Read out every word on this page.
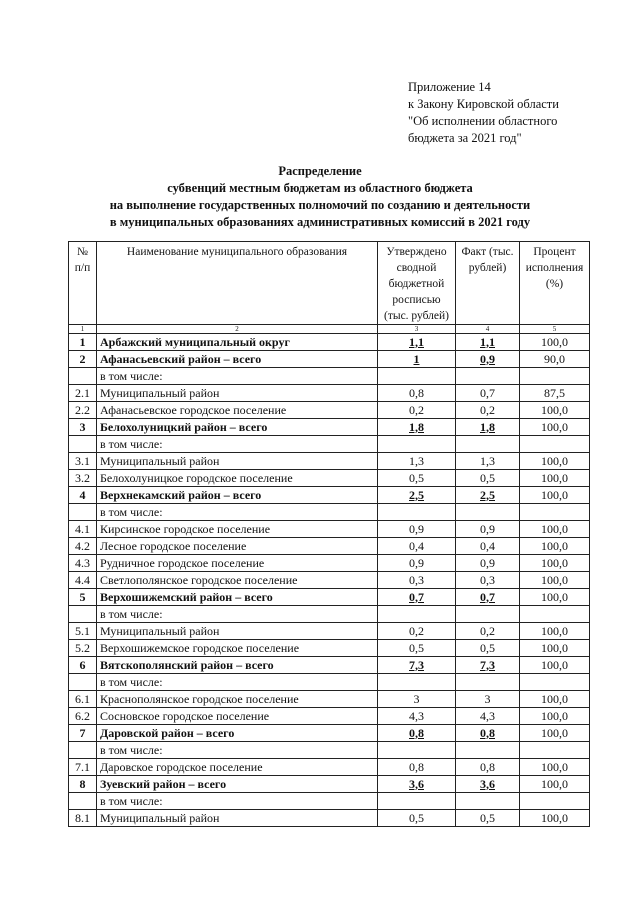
Приложение 14
к Закону Кировской области
"Об исполнении областного
бюджета за 2021 год"
Распределение
субвенций местным бюджетам из областного бюджета
на выполнение государственных полномочий по созданию и деятельности
в муниципальных образованиях административных комиссий в 2021 году
№ п/п	Наименование муниципального образования	Утверждено сводной бюджетной росписью (тыс. рублей)	Факт (тыс. рублей)	Процент исполнения (%)
1	2	3	4	5
1	Арбажский муниципальный округ	1,1	1,1	100,0
2	Афанасьевский район – всего	1	0,9	90,0
	в том числе:			
2.1	Муниципальный район	0,8	0,7	87,5
2.2	Афанасьевское городское поселение	0,2	0,2	100,0
3	Белохолуницкий район – всего	1,8	1,8	100,0
	в том числе:			
3.1	Муниципальный район	1,3	1,3	100,0
3.2	Белохолуницкое городское поселение	0,5	0,5	100,0
4	Верхнекамский район – всего	2,5	2,5	100,0
	в том числе:			
4.1	Кирсинское городское поселение	0,9	0,9	100,0
4.2	Лесное городское поселение	0,4	0,4	100,0
4.3	Рудничное городское поселение	0,9	0,9	100,0
4.4	Светлополянское городское поселение	0,3	0,3	100,0
5	Верхошижемский район – всего	0,7	0,7	100,0
	в том числе:			
5.1	Муниципальный район	0,2	0,2	100,0
5.2	Верхошижемское городское поселение	0,5	0,5	100,0
6	Вятскополянский район – всего	7,3	7,3	100,0
	в том числе:			
6.1	Краснополянское городское поселение	3	3	100,0
6.2	Сосновское городское поселение	4,3	4,3	100,0
7	Даровской район – всего	0,8	0,8	100,0
	в том числе:			
7.1	Даровское городское поселение	0,8	0,8	100,0
8	Зуевский район – всего	3,6	3,6	100,0
	в том числе:			
8.1	Муниципальный район	0,5	0,5	100,0
